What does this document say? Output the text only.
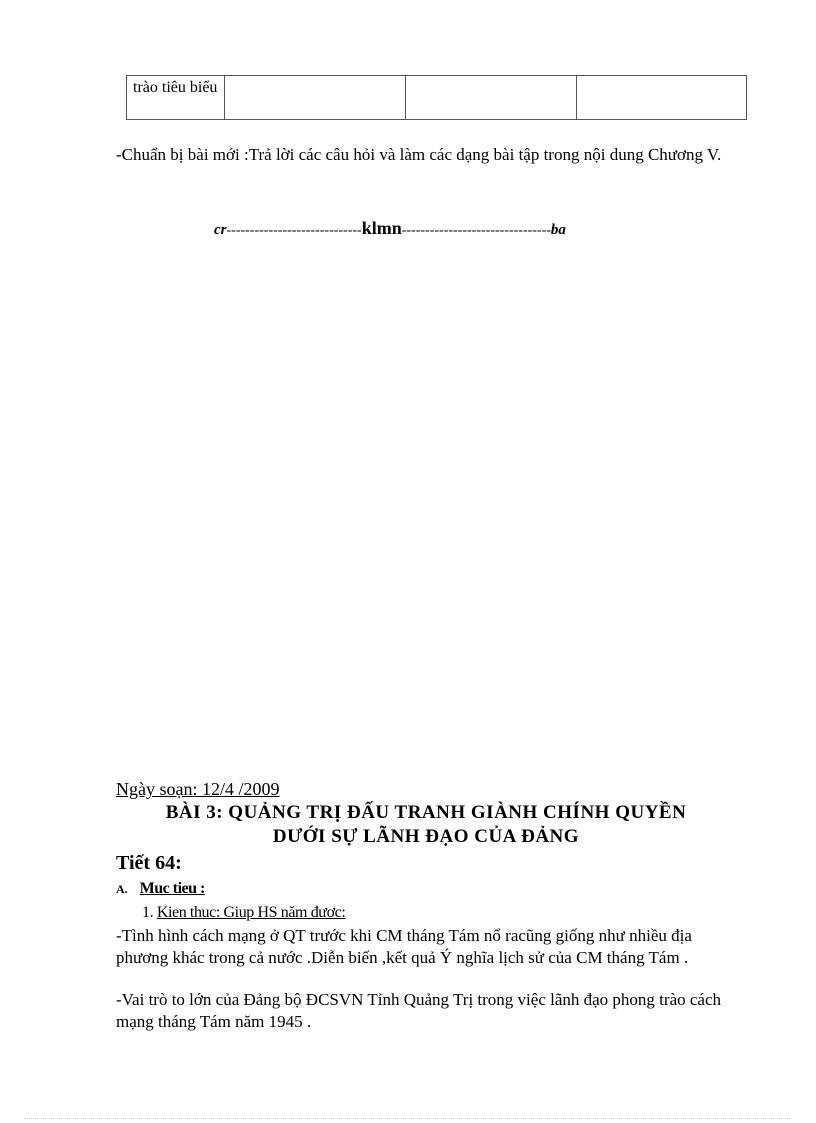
trào tiêu biểu			
-Chuẩn bị bài mới :Trả lời các câu hỏi và làm các dạng bài tập trong nội dung Chương V.
cr-----------------------------klmn--------------------------------ba
Ngày soạn: 12/4 /2009
BÀI 3: QUẢNG TRỊ ĐẤU TRANH GIÀNH CHÍNH QUYỀN
DƯỚI SỰ LÃNH ĐẠO CỦA ĐẢNG
Tiết 64:
A. Muc tieu :
1. Kien thuc: Giup HS năm đươc:
-Tình hình cách mạng ở QT trước khi CM tháng Tám nổ racũng giống như nhiều địa phương khác trong cả nước .Diễn biến ,kết quả Ý nghĩa lịch sử của CM tháng Tám .
-Vai trò to lớn của Đảng bộ ĐCSVN Tỉnh Quảng Trị trong việc lãnh đạo phong trào cách mạng tháng Tám năm 1945 .
